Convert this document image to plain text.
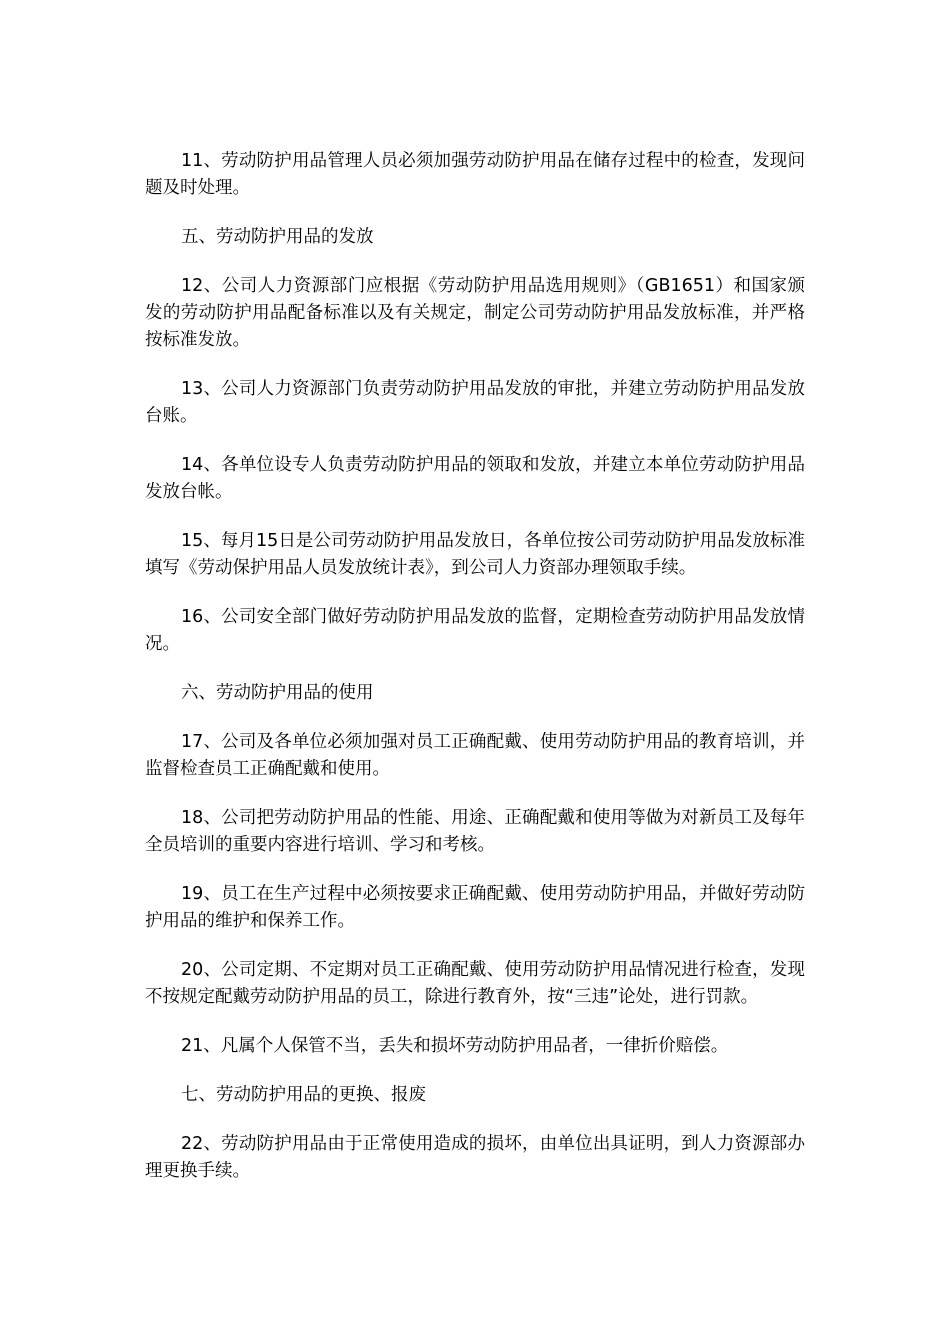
11、劳动防护用品管理人员必须加强劳动防护用品在储存过程中的检查，发现问题及时处理。

五、劳动防护用品的发放

12、公司人力资源部门应根据《劳动防护用品选用规则》（GB1651）和国家颁发的劳动防护用品配备标准以及有关规定，制定公司劳动防护用品发放标准，并严格按标准发放。

13、公司人力资源部门负责劳动防护用品发放的审批，并建立劳动防护用品发放台账。

14、各单位设专人负责劳动防护用品的领取和发放，并建立本单位劳动防护用品发放台帐。

15、每月15日是公司劳动防护用品发放日，各单位按公司劳动防护用品发放标准填写《劳动保护用品人员发放统计表》，到公司人力资部办理领取手续。

16、公司安全部门做好劳动防护用品发放的监督，定期检查劳动防护用品发放情况。

六、劳动防护用品的使用

17、公司及各单位必须加强对员工正确配戴、使用劳动防护用品的教育培训，并监督检查员工正确配戴和使用。

18、公司把劳动防护用品的性能、用途、正确配戴和使用等做为对新员工及每年全员培训的重要内容进行培训、学习和考核。

19、员工在生产过程中必须按要求正确配戴、使用劳动防护用品，并做好劳动防护用品的维护和保养工作。

20、公司定期、不定期对员工正确配戴、使用劳动防护用品情况进行检查，发现不按规定配戴劳动防护用品的员工，除进行教育外，按“三违”论处，进行罚款。

21、凡属个人保管不当，丢失和损坏劳动防护用品者，一律折价赔偿。

七、劳动防护用品的更换、报废

22、劳动防护用品由于正常使用造成的损坏，由单位出具证明，到人力资源部办理更换手续。
